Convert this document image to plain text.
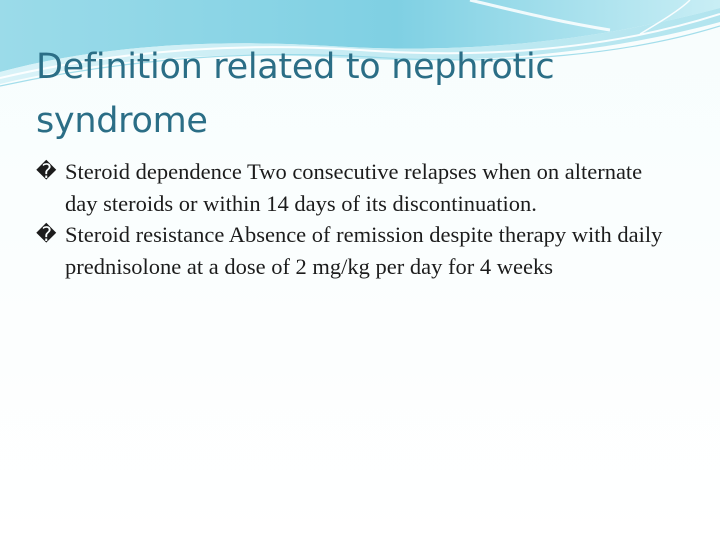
Definition related to nephrotic syndrome
� Steroid dependence Two consecutive relapses when on alternate day steroids or within 14 days of its discontinuation.
� Steroid resistance Absence of remission despite therapy with daily prednisolone at a dose of 2 mg/kg per day for 4 weeks
